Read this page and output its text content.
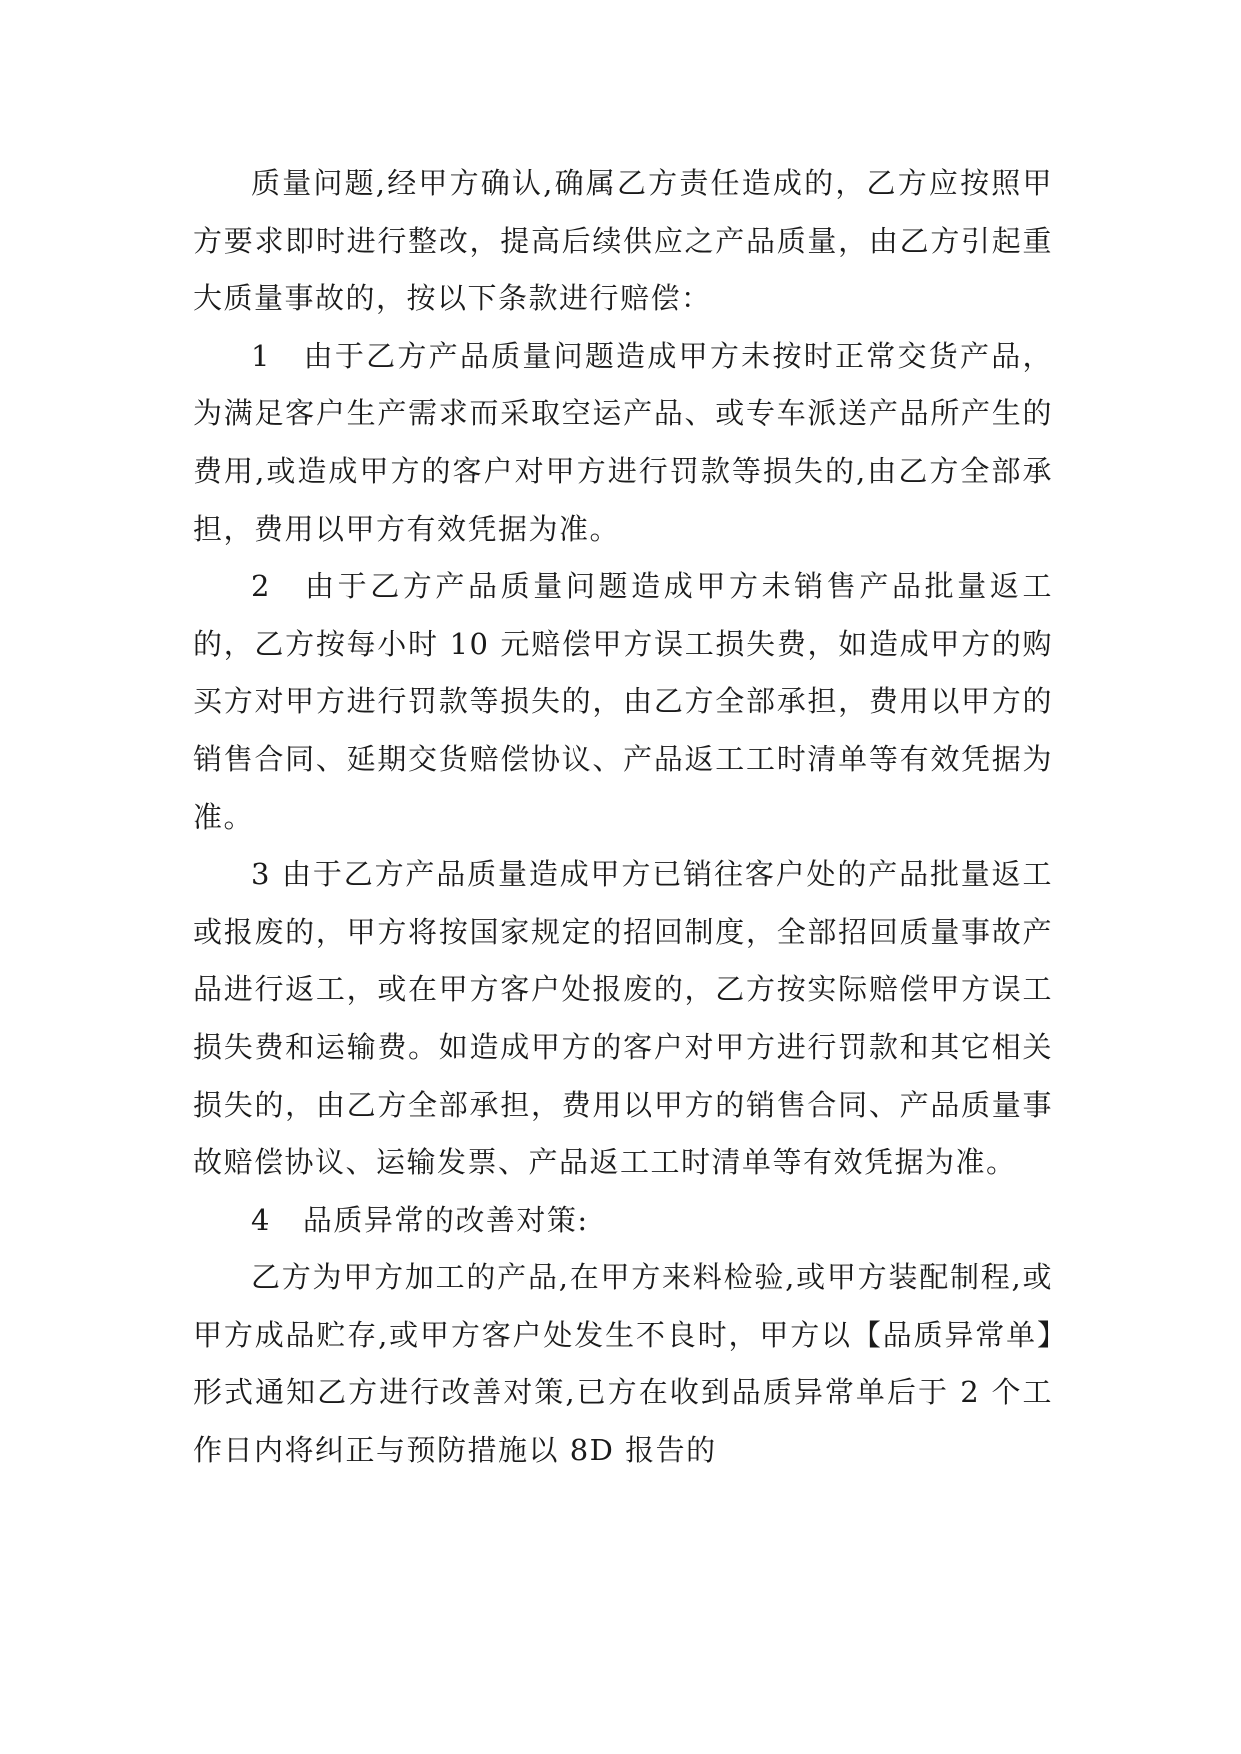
质量问题,经甲方确认,确属乙方责任造成的，乙方应按照甲方要求即时进行整改，提高后续供应之产品质量，由乙方引起重大质量事故的，按以下条款进行赔偿：

1 由于乙方产品质量问题造成甲方未按时正常交货产品，为满足客户生产需求而采取空运产品、或专车派送产品所产生的费用,或造成甲方的客户对甲方进行罚款等损失的,由乙方全部承担，费用以甲方有效凭据为准。

2 由于乙方产品质量问题造成甲方未销售产品批量返工的，乙方按每小时 10 元赔偿甲方误工损失费，如造成甲方的购买方对甲方进行罚款等损失的，由乙方全部承担，费用以甲方的销售合同、延期交货赔偿协议、产品返工工时清单等有效凭据为准。

3 由于乙方产品质量造成甲方已销往客户处的产品批量返工或报废的，甲方将按国家规定的招回制度，全部招回质量事故产品进行返工，或在甲方客户处报废的，乙方按实际赔偿甲方误工损失费和运输费。如造成甲方的客户对甲方进行罚款和其它相关损失的，由乙方全部承担，费用以甲方的销售合同、产品质量事故赔偿协议、运输发票、产品返工工时清单等有效凭据为准。

4 品质异常的改善对策:

乙方为甲方加工的产品,在甲方来料检验,或甲方装配制程,或甲方成品贮存,或甲方客户处发生不良时，甲方以【品质异常单】形式通知乙方进行改善对策,已方在收到品质异常单后于 2 个工作日内将纠正与预防措施以 8D 报告的
